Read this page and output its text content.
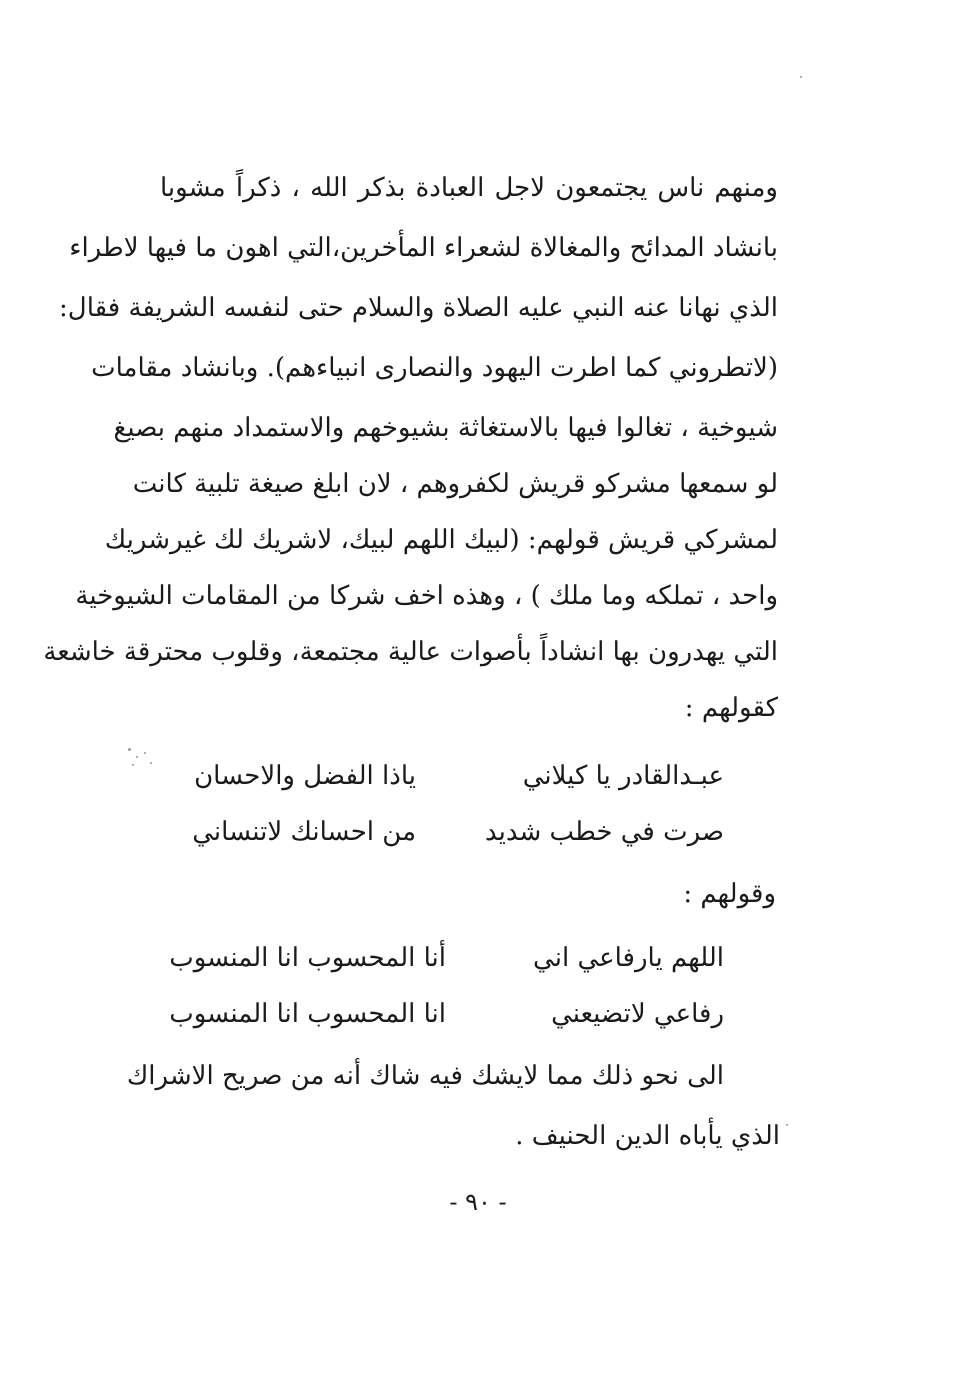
ومنهم ناس يجتمعون لاجل العبادة بذكر الله ، ذكراً مشوبا
بانشاد المدائح والمغالاة لشعراء المأخرين،التي اهون ما فيها لاطراء
الذي نهانا عنه النبي عليه الصلاة والسلام حتى لنفسه الشريفة فقال:
(لاتطروني كما اطرت اليهود والنصارى انبياءهم). وبانشاد مقامات
شيوخية ، تغالوا فيها بالاستغاثة بشيوخهم والاستمداد منهم بصيغ
لو سمعها مشركو قريش لكفروهم ، لان ابلغ صيغة تلبية كانت
لمشركي قريش قولهم: (لبيك اللهم لبيك، لاشريك لك غيرشريك
واحد ، تملكه وما ملك ) ، وهذه اخف شركا من المقامات الشيوخية
التي يهدرون بها انشاداً بأصوات عالية مجتمعة، وقلوب محترقة خاشعة
كقولهم :
عبـدالقادر يا كيلاني
ياذا الفضل والاحسان
صرت في خطب شديد
من احسانك لاتنساني
وقولهم :
اللهم يارفاعي اني
أنا المحسوب انا المنسوب
رفاعي لاتضيعني
انا المحسوب انا المنسوب
الى نحو ذلك مما لايشك فيه شاك أنه من صريح الاشراك
الذي يأباه الدين الحنيف .
- ٩٠ -
